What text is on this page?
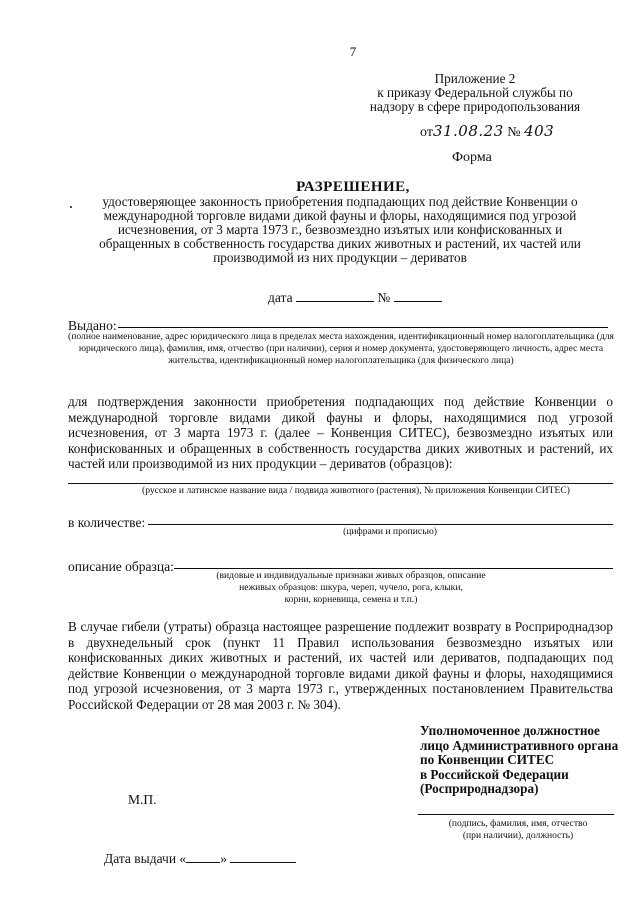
7
Приложение 2
к приказу Федеральной службы по
надзору в сфере природопользования
от31.08.23 № 403
Форма
РАЗРЕШЕНИЕ,
удостоверяющее законность приобретения подпадающих под действие Конвенции о международной торговле видами дикой фауны и флоры, находящимися под угрозой исчезновения, от 3 марта 1973 г., безвозмездно изъятых или конфискованных и обращенных в собственность государства диких животных и растений, их частей или производимой из них продукции – дериватов
дата	№
Выдано:
(полное наименование, адрес юридического лица в пределах места нахождения, идентификационный номер налогоплательщика (для юридического лица), фамилия, имя, отчество (при наличии), серия и номер документа, удостоверяющего личность, адрес места жительства, идентификационный номер налогоплательщика (для физического лица)
для подтверждения законности приобретения подпадающих под действие Конвенции о международной торговле видами дикой фауны и флоры, находящимися под угрозой исчезновения, от 3 марта 1973 г. (далее – Конвенция СИТЕС), безвозмездно изъятых или конфискованных и обращенных в собственность государства диких животных и растений, их частей или производимой из них продукции – дериватов (образцов):
(русское и латинское название вида / подвида животного (растения), № приложения Конвенции СИТЕС)
в количестве:
(цифрами и прописью)
описание образца:
(видовые и индивидуальные признаки живых образцов, описание
неживых образцов: шкура, череп, чучело, рога, клыки,
корни, корневища, семена и т.п.)
В случае гибели (утраты) образца настоящее разрешение подлежит возврату в Росприроднадзор в двухнедельный срок (пункт 11 Правил использования безвозмездно изъятых или конфискованных диких животных и растений, их частей или дериватов, подпадающих под действие Конвенции о международной торговле видами дикой фауны и флоры, находящимися под угрозой исчезновения, от 3 марта 1973 г., утвержденных постановлением Правительства Российской Федерации от 28 мая 2003 г. № 304).
Уполномоченное должностное
лицо Административного органа
по Конвенции СИТЕС
в Российской Федерации
(Росприроднадзора)
М.П.
(подпись, фамилия, имя, отчество
(при наличии), должность)
Дата выдачи «	»
